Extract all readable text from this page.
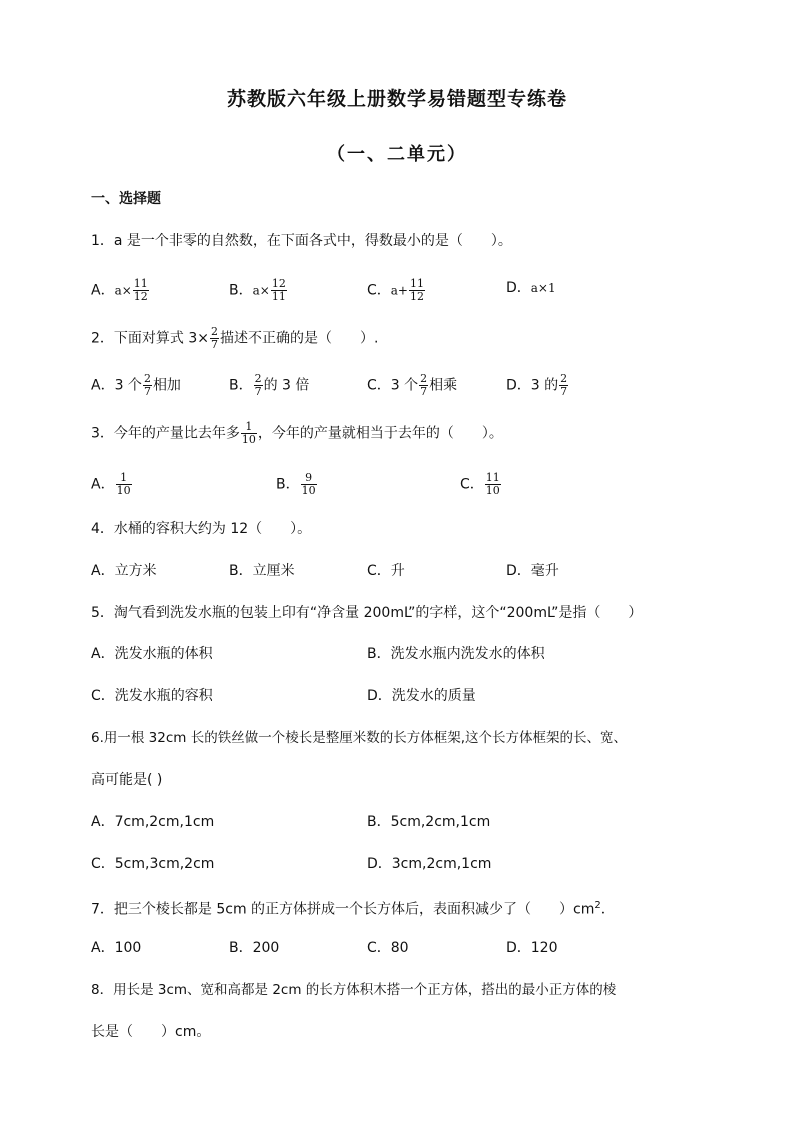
苏教版六年级上册数学易错题型专练卷
（一、二单元）
一、选择题
1．a 是一个非零的自然数，在下面各式中，得数最小的是（　　）。
A．$a\times \frac{11}{12}$	B．$a\times \frac{12}{11}$	C．$a+ \frac{11}{12}$	D．a×1
2．下面对算式 $3\times \frac{2}{7}$ 描述不正确的是（　　）.
A．3 个 $\frac{2}{7}$ 相加	B． $\frac{2}{7}$ 的 3 倍	C．3 个 $\frac{2}{7}$ 相乘	D．3 的 $\frac{2}{7}$
3．今年的产量比去年多 $\frac{1}{10}$ ，今年的产量就相当于去年的（　　）。
A． $\frac{1}{10}$	B． $\frac{9}{10}$	C． $\frac{11}{10}$
4．水桶的容积大约为 12（　　）。
A．立方米	B．立厘米	C．升	D．毫升
5．淘气看到洗发水瓶的包装上印有“净含量 200mL”的字样，这个“200mL”是指（　　）
A．洗发水瓶的体积	B．洗发水瓶内洗发水的体积
C．洗发水瓶的容积	D．洗发水的质量
6.用一根 32cm 长的铁丝做一个棱长是整厘米数的长方体框架,这个长方体框架的长、宽、
高可能是( )
A．7cm,2cm,1cm	B．5cm,2cm,1cm
C．5cm,3cm,2cm	D．3cm,2cm,1cm
7．把三个棱长都是 5cm 的正方体拼成一个长方体后，表面积减少了（　　）$cm^2$．
A．100	B．200	C．80	D．120
8．用长是 3cm、宽和高都是 2cm 的长方体积木搭一个正方体，搭出的最小正方体的棱
长是（　　）cm。
